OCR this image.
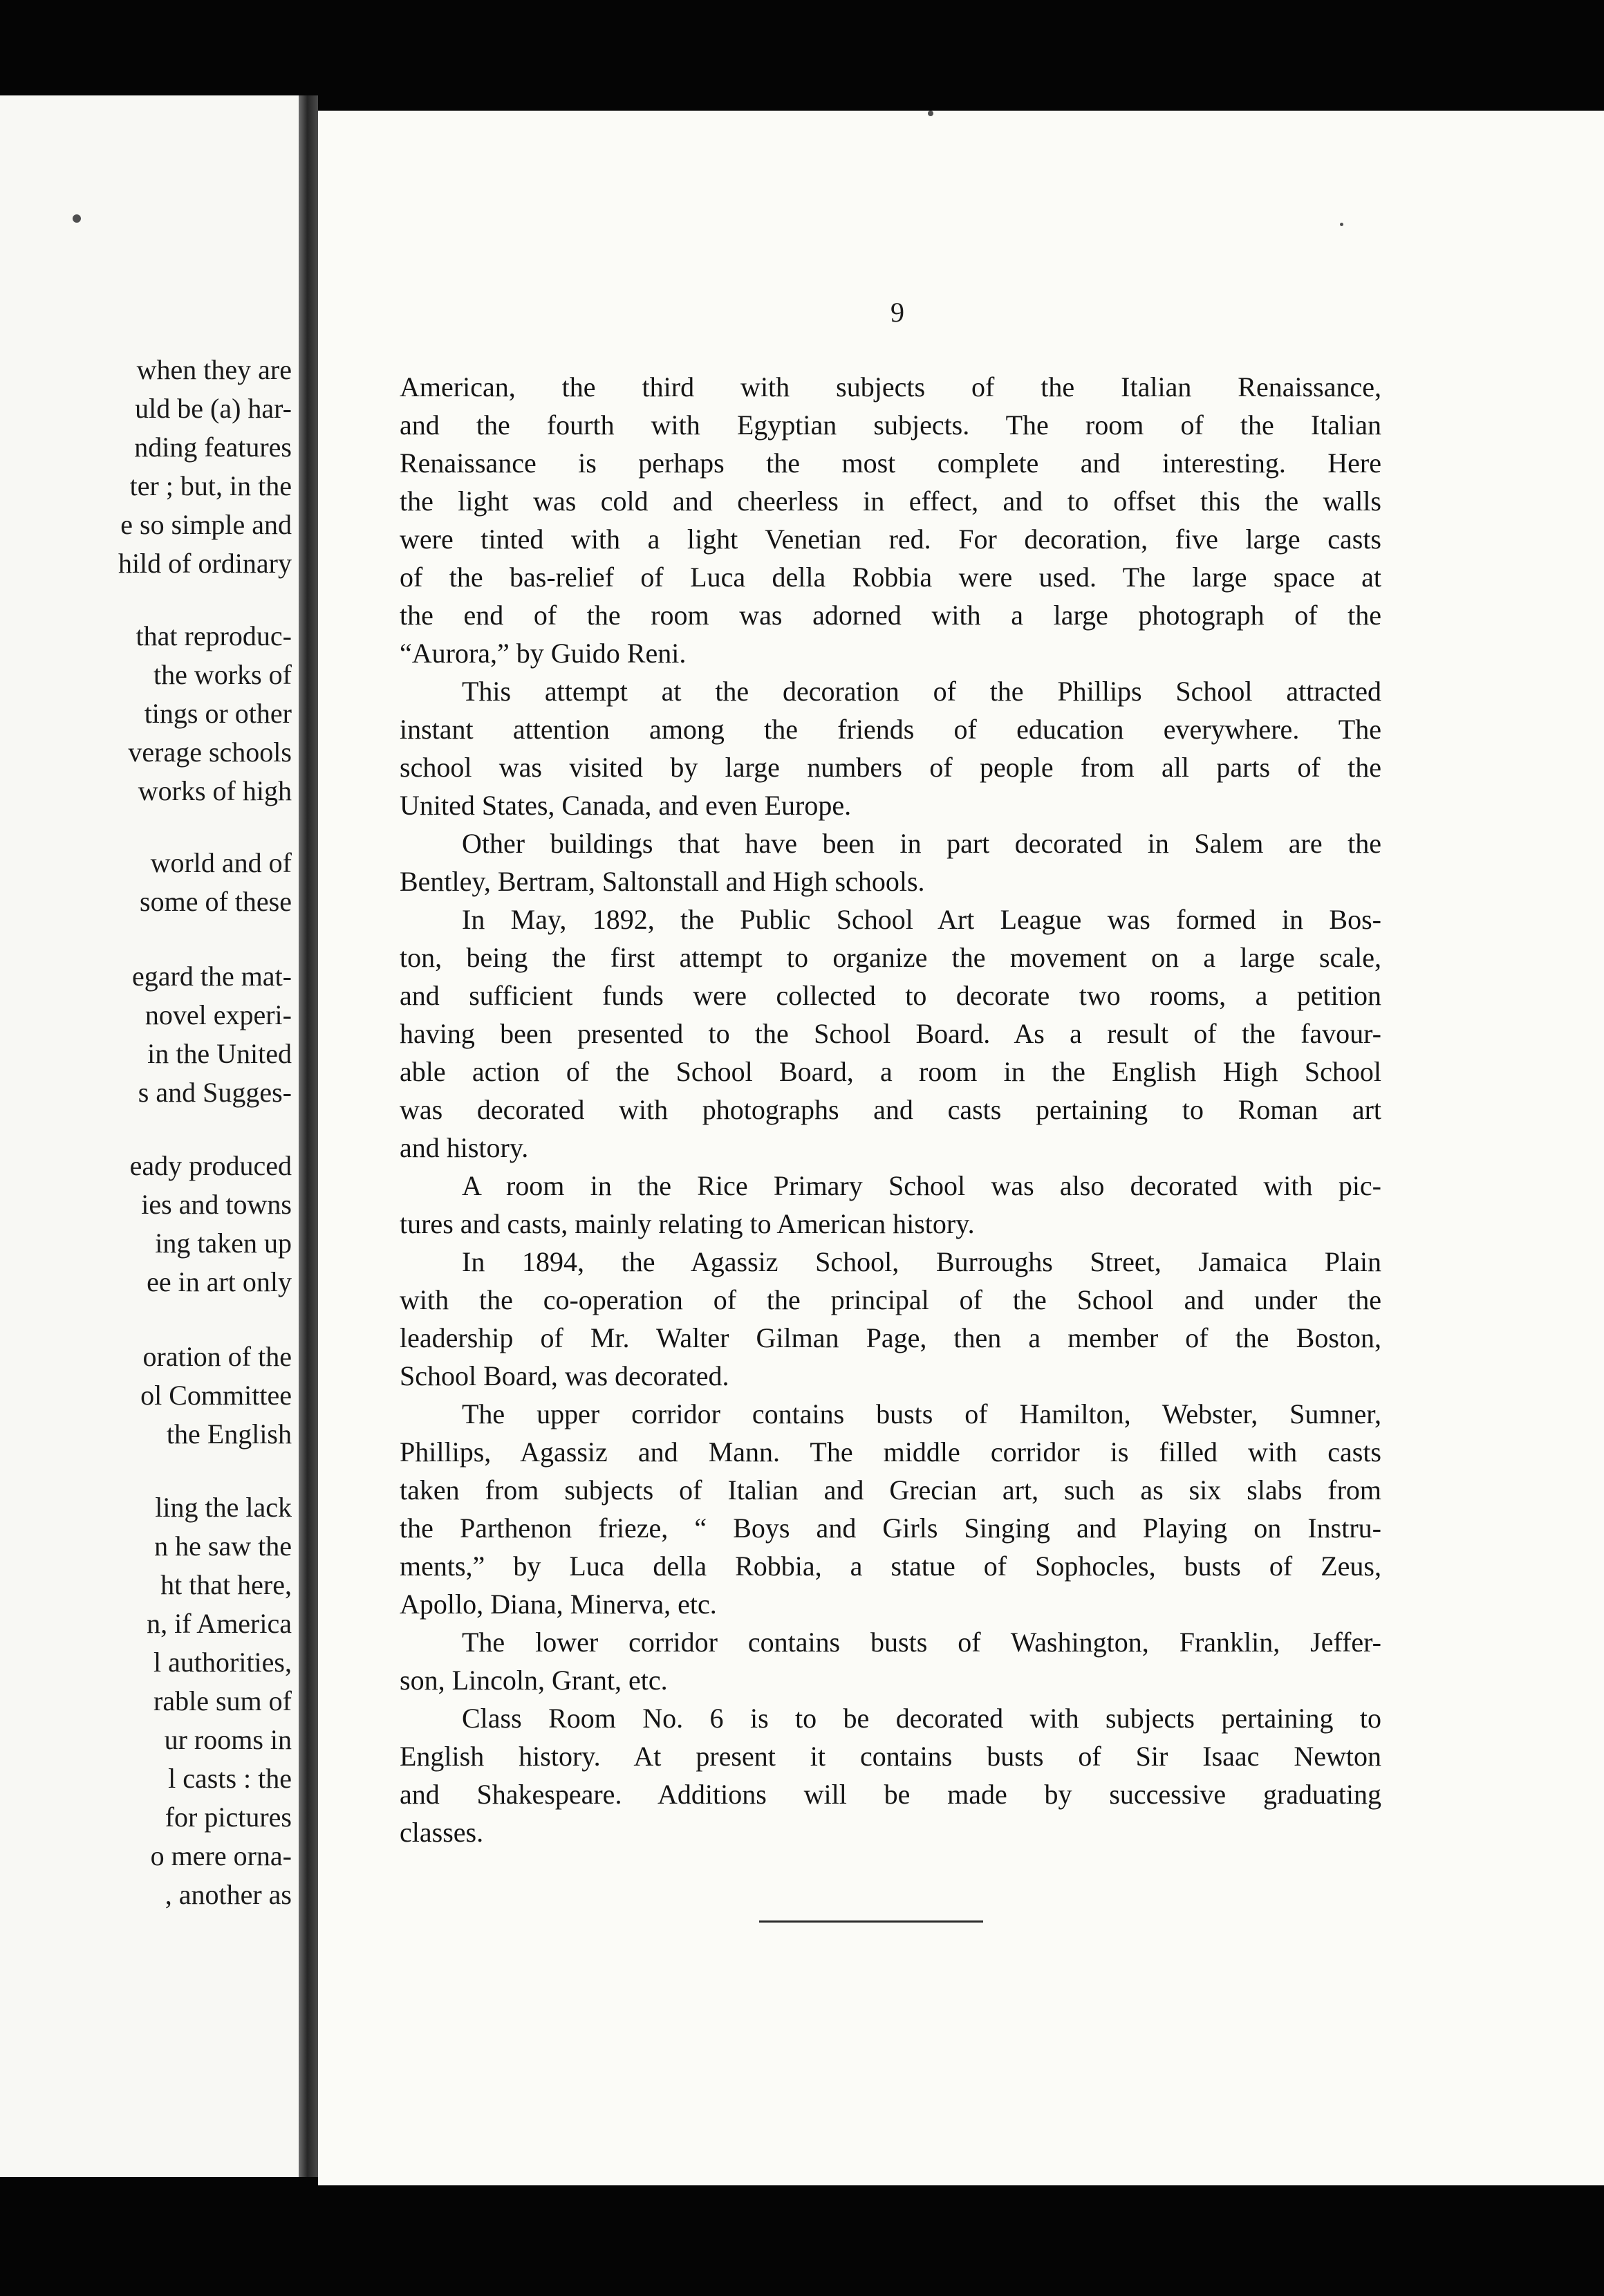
when they are
uld be (a) har-
nding features
ter ; but, in the
e so simple and
hild of ordinary
that reproduc-
the works of
tings or other
verage schools
works of high
world and of
some of these
egard the mat-
novel experi-
in the United
s and Sugges-
eady produced
ies and towns
ing taken up
ee in art only
oration of the
ol Committee
the English
ling the lack
n he saw the
ht that here,
n, if America
l authorities,
rable sum of
ur rooms in
l casts : the
for pictures
o mere orna-
, another as
9
American, the third with subjects of the Italian Renaissance,
and the fourth with Egyptian subjects. The room of the Italian
Renaissance is perhaps the most complete and interesting. Here
the light was cold and cheerless in effect, and to offset this the walls
were tinted with a light Venetian red. For decoration, five large casts
of the bas-relief of Luca della Robbia were used. The large space at
the end of the room was adorned with a large photograph of the
“Aurora,” by Guido Reni.
This attempt at the decoration of the Phillips School attracted
instant attention among the friends of education everywhere. The
school was visited by large numbers of people from all parts of the
United States, Canada, and even Europe.
Other buildings that have been in part decorated in Salem are the
Bentley, Bertram, Saltonstall and High schools.
In May, 1892, the Public School Art League was formed in Bos-
ton, being the first attempt to organize the movement on a large scale,
and sufficient funds were collected to decorate two rooms, a petition
having been presented to the School Board. As a result of the favour-
able action of the School Board, a room in the English High School
was decorated with photographs and casts pertaining to Roman art
and history.
A room in the Rice Primary School was also decorated with pic-
tures and casts, mainly relating to American history.
In 1894, the Agassiz School, Burroughs Street, Jamaica Plain
with the co-operation of the principal of the School and under the
leadership of Mr. Walter Gilman Page, then a member of the Boston,
School Board, was decorated.
The upper corridor contains busts of Hamilton, Webster, Sumner,
Phillips, Agassiz and Mann. The middle corridor is filled with casts
taken from subjects of Italian and Grecian art, such as six slabs from
the Parthenon frieze, “ Boys and Girls Singing and Playing on Instru-
ments,” by Luca della Robbia, a statue of Sophocles, busts of Zeus,
Apollo, Diana, Minerva, etc.
The lower corridor contains busts of Washington, Franklin, Jeffer-
son, Lincoln, Grant, etc.
Class Room No. 6 is to be decorated with subjects pertaining to
English history. At present it contains busts of Sir Isaac Newton
and Shakespeare. Additions will be made by successive graduating
classes.
